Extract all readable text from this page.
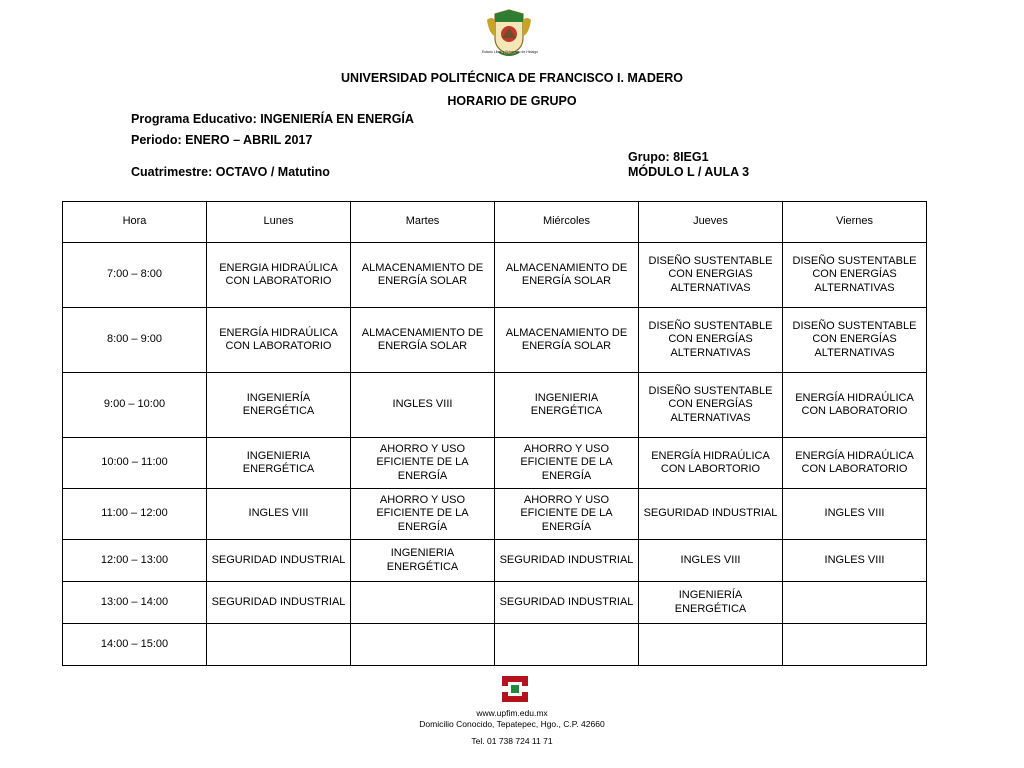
Estado Libre y Soberano de Hidalgo
UNIVERSIDAD POLITÉCNICA DE FRANCISCO I. MADERO
HORARIO DE GRUPO
Programa Educativo: INGENIERÍA EN ENERGÍA
Periodo: ENERO – ABRIL 2017
Cuatrimestre: OCTAVO / Matutino
Grupo: 8IEG1
MÓDULO L / AULA 3
Hora	Lunes	Martes	Miércoles	Jueves	Viernes
7:00 – 8:00	ENERGIA HIDRAÚLICA CON LABORATORIO	ALMACENAMIENTO DE ENERGÍA SOLAR	ALMACENAMIENTO DE ENERGÍA SOLAR	DISEÑO SUSTENTABLE CON ENERGIAS ALTERNATIVAS	DISEÑO SUSTENTABLE CON ENERGÍAS ALTERNATIVAS
8:00 – 9:00	ENERGÍA HIDRAÚLICA CON LABORATORIO	ALMACENAMIENTO DE ENERGÍA SOLAR	ALMACENAMIENTO DE ENERGÍA SOLAR	DISEÑO SUSTENTABLE CON ENERGÍAS ALTERNATIVAS	DISEÑO SUSTENTABLE CON ENERGÍAS ALTERNATIVAS
9:00 – 10:00	INGENIERÍA ENERGÉTICA	INGLES VIII	INGENIERIA ENERGÉTICA	DISEÑO SUSTENTABLE CON ENERGÍAS ALTERNATIVAS	ENERGÍA HIDRAÚLICA CON LABORATORIO
10:00 – 11:00	INGENIERIA ENERGÉTICA	AHORRO Y USO EFICIENTE DE LA ENERGÍA	AHORRO Y USO EFICIENTE DE LA ENERGÍA	ENERGÍA HIDRAÚLICA CON LABORTORIO	ENERGÍA HIDRAÚLICA CON LABORATORIO
11:00 – 12:00	INGLES VIII	AHORRO Y USO EFICIENTE DE LA ENERGÍA	AHORRO Y USO EFICIENTE DE LA ENERGÍA	SEGURIDAD INDUSTRIAL	INGLES VIII
12:00 – 13:00	SEGURIDAD INDUSTRIAL	INGENIERIA ENERGÉTICA	SEGURIDAD INDUSTRIAL	INGLES VIII	INGLES VIII
13:00 – 14:00	SEGURIDAD INDUSTRIAL		SEGURIDAD INDUSTRIAL	INGENIERÍA ENERGÉTICA	
14:00 – 15:00					
www.upfim.edu.mx
Domicilio Conocido, Tepatepec, Hgo., C.P. 42660
Tel. 01 738 724 11 71
